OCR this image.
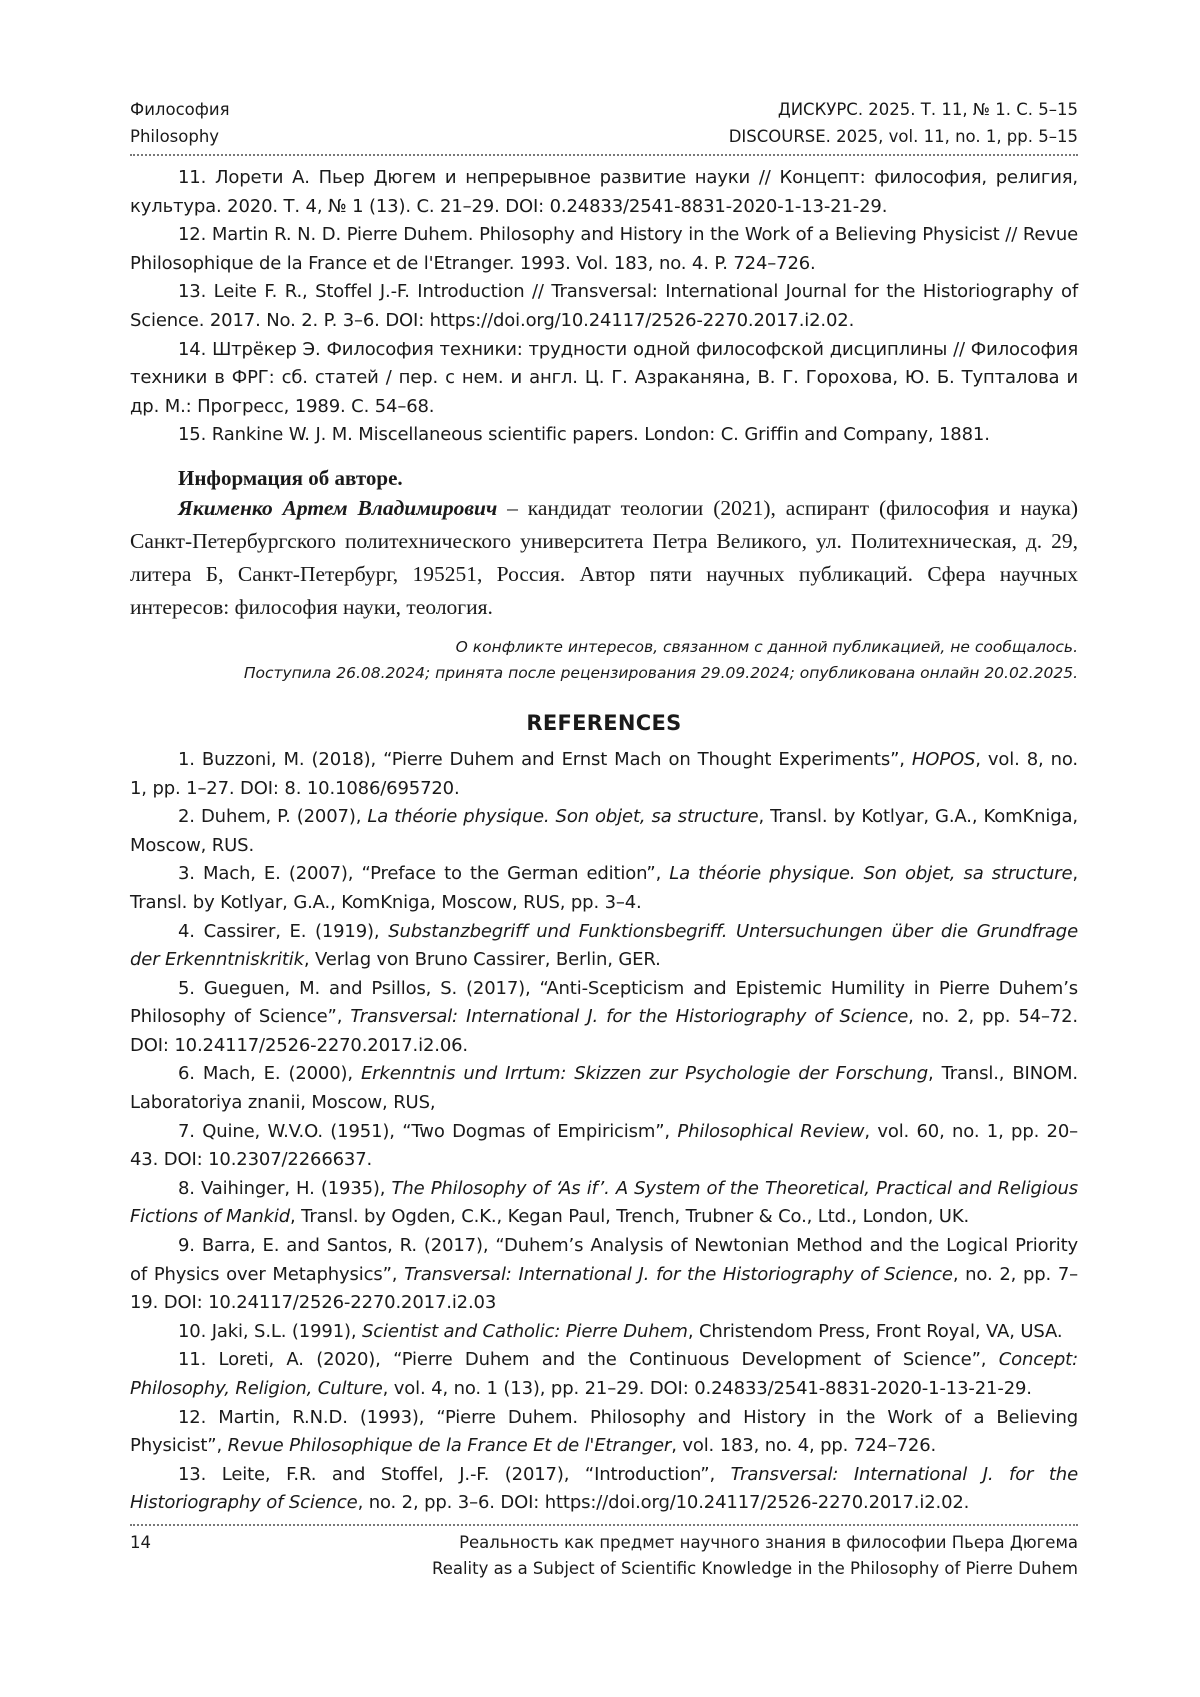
Философия
Philosophy
ДИСКУРС. 2025. Т. 11, № 1. С. 5–15
DISCOURSE. 2025, vol. 11, no. 1, pp. 5–15

11. Лорети А. Пьер Дюгем и непрерывное развитие науки // Концепт: философия, религия, культура. 2020. Т. 4, № 1 (13). С. 21–29. DOI: 0.24833/2541-8831-2020-1-13-21-29.

12. Martin R. N. D. Pierre Duhem. Philosophy and History in the Work of a Believing Physicist // Revue Philosophique de la France et de l'Etranger. 1993. Vol. 183, no. 4. P. 724–726.

13. Leite F. R., Stoffel J.-F. Introduction // Transversal: International Journal for the Historiography of Science. 2017. No. 2. P. 3–6. DOI: https://doi.org/10.24117/2526-2270.2017.i2.02.

14. Штрёкер Э. Философия техники: трудности одной философской дисциплины // Философия техники в ФРГ: сб. статей / пер. с нем. и англ. Ц. Г. Азраканяна, В. Г. Горохова, Ю. Б. Тупталова и др. М.: Прогресс, 1989. С. 54–68.

15. Rankine W. J. M. Miscellaneous scientific papers. London: C. Griffin and Company, 1881.

Информация об авторе.

Якименко Артем Владимирович – кандидат теологии (2021), аспирант (философия и наука) Санкт-Петербургского политехнического университета Петра Великого, ул. Политехническая, д. 29, литера Б, Санкт-Петербург, 195251, Россия. Автор пяти научных публикаций. Сфера научных интересов: философия науки, теология.

О конфликте интересов, связанном с данной публикацией, не сообщалось.
Поступила 26.08.2024; принята после рецензирования 29.09.2024; опубликована онлайн 20.02.2025.
REFERENCES

1. Buzzoni, M. (2018), “Pierre Duhem and Ernst Mach on Thought Experiments”, HOPOS, vol. 8, no. 1, pp. 1–27. DOI: 8. 10.1086/695720.

2. Duhem, P. (2007), La théorie physique. Son objet, sa structure, Transl. by Kotlyar, G.A., KomKniga, Moscow, RUS.

3. Mach, E. (2007), “Preface to the German edition”, La théorie physique. Son objet, sa structure, Transl. by Kotlyar, G.A., KomKniga, Moscow, RUS, pp. 3–4.

4. Cassirer, E. (1919), Substanzbegriff und Funktionsbegriff. Untersuchungen über die Grundfrage der Erkenntniskritik, Verlag von Bruno Cassirer, Berlin, GER.

5. Gueguen, M. and Psillos, S. (2017), “Anti-Scepticism and Epistemic Humility in Pierre Duhem’s Philosophy of Science”, Transversal: International J. for the Historiography of Science, no. 2, pp. 54–72. DOI: 10.24117/2526-2270.2017.i2.06.

6. Mach, E. (2000), Erkenntnis und Irrtum: Skizzen zur Psychologie der Forschung, Transl., BINOM. Laboratoriya znanii, Moscow, RUS,

7. Quine, W.V.O. (1951), “Two Dogmas of Empiricism”, Philosophical Review, vol. 60, no. 1, pp. 20–43. DOI: 10.2307/2266637.

8. Vaihinger, H. (1935), The Philosophy of ‘As if’. A System of the Theoretical, Practical and Religious Fictions of Mankid, Transl. by Ogden, C.K., Kegan Paul, Trench, Trubner & Co., Ltd., London, UK.

9. Barra, E. and Santos, R. (2017), “Duhem’s Analysis of Newtonian Method and the Logical Priority of Physics over Metaphysics”, Transversal: International J. for the Historiography of Science, no. 2, pp. 7–19. DOI: 10.24117/2526-2270.2017.i2.03

10. Jaki, S.L. (1991), Scientist and Catholic: Pierre Duhem, Christendom Press, Front Royal, VA, USA.

11. Loreti, A. (2020), “Pierre Duhem and the Continuous Development of Science”, Concept: Philosophy, Religion, Culture, vol. 4, no. 1 (13), pp. 21–29. DOI: 0.24833/2541-8831-2020-1-13-21-29.

12. Martin, R.N.D. (1993), “Pierre Duhem. Philosophy and History in the Work of a Believing Physicist”, Revue Philosophique de la France Et de l'Etranger, vol. 183, no. 4, pp. 724–726.

13. Leite, F.R. and Stoffel, J.-F. (2017), “Introduction”, Transversal: International J. for the Historiography of Science, no. 2, pp. 3–6. DOI: https://doi.org/10.24117/2526-2270.2017.i2.02.

14	Реальность как предмет научного знания в философии Пьера Дюгема
Reality as a Subject of Scientific Knowledge in the Philosophy of Pierre Duhem
